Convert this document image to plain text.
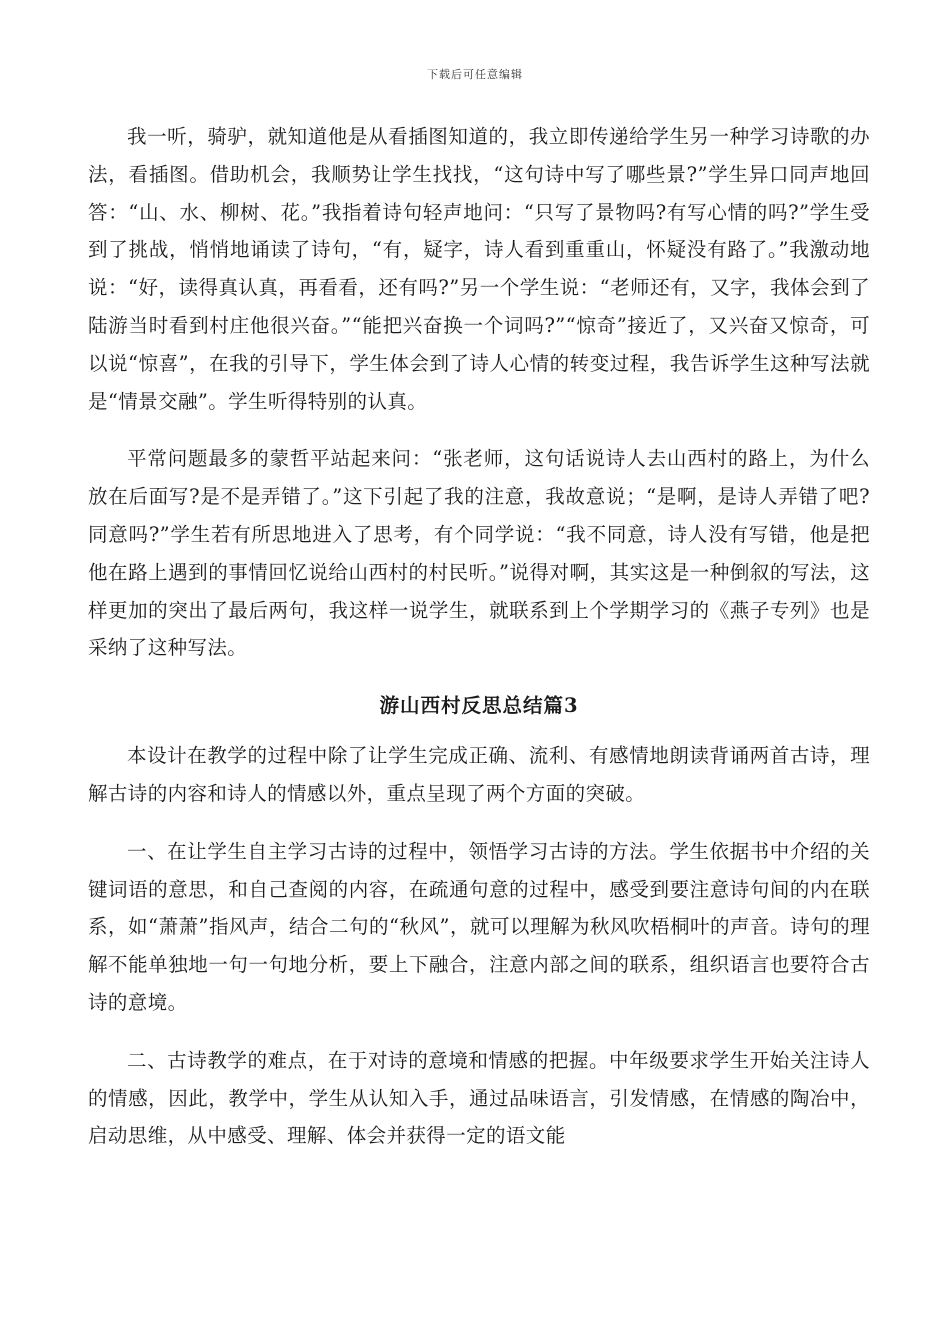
下载后可任意编辑

我一听，骑驴，就知道他是从看插图知道的，我立即传递给学生另一种学习诗歌的办法，看插图。借助机会，我顺势让学生找找，“这句诗中写了哪些景?”学生异口同声地回答：“山、水、柳树、花。”我指着诗句轻声地问：“只写了景物吗?有写心情的吗?”学生受到了挑战，悄悄地诵读了诗句，“有，疑字，诗人看到重重山，怀疑没有路了。”我激动地说：“好，读得真认真，再看看，还有吗?”另一个学生说：“老师还有，又字，我体会到了陆游当时看到村庄他很兴奋。”“能把兴奋换一个词吗?”“惊奇”接近了，又兴奋又惊奇，可以说“惊喜”，在我的引导下，学生体会到了诗人心情的转变过程，我告诉学生这种写法就是“情景交融”。学生听得特别的认真。

平常问题最多的蒙哲平站起来问：“张老师，这句话说诗人去山西村的路上，为什么放在后面写?是不是弄错了。”这下引起了我的注意，我故意说；“是啊，是诗人弄错了吧?同意吗?”学生若有所思地进入了思考，有个同学说：“我不同意，诗人没有写错，他是把他在路上遇到的事情回忆说给山西村的村民听。”说得对啊，其实这是一种倒叙的写法，这样更加的突出了最后两句，我这样一说学生，就联系到上个学期学习的《燕子专列》也是采纳了这种写法。

游山西村反思总结篇3

本设计在教学的过程中除了让学生完成正确、流利、有感情地朗读背诵两首古诗，理解古诗的内容和诗人的情感以外，重点呈现了两个方面的突破。

一、在让学生自主学习古诗的过程中，领悟学习古诗的方法。学生依据书中介绍的关键词语的意思，和自己查阅的内容，在疏通句意的过程中，感受到要注意诗句间的内在联系，如“萧萧”指风声，结合二句的“秋风”，就可以理解为秋风吹梧桐叶的声音。诗句的理解不能单独地一句一句地分析，要上下融合，注意内部之间的联系，组织语言也要符合古诗的意境。

二、古诗教学的难点，在于对诗的意境和情感的把握。中年级要求学生开始关注诗人的情感，因此，教学中，学生从认知入手，通过品味语言，引发情感，在情感的陶冶中，启动思维，从中感受、理解、体会并获得一定的语文能
